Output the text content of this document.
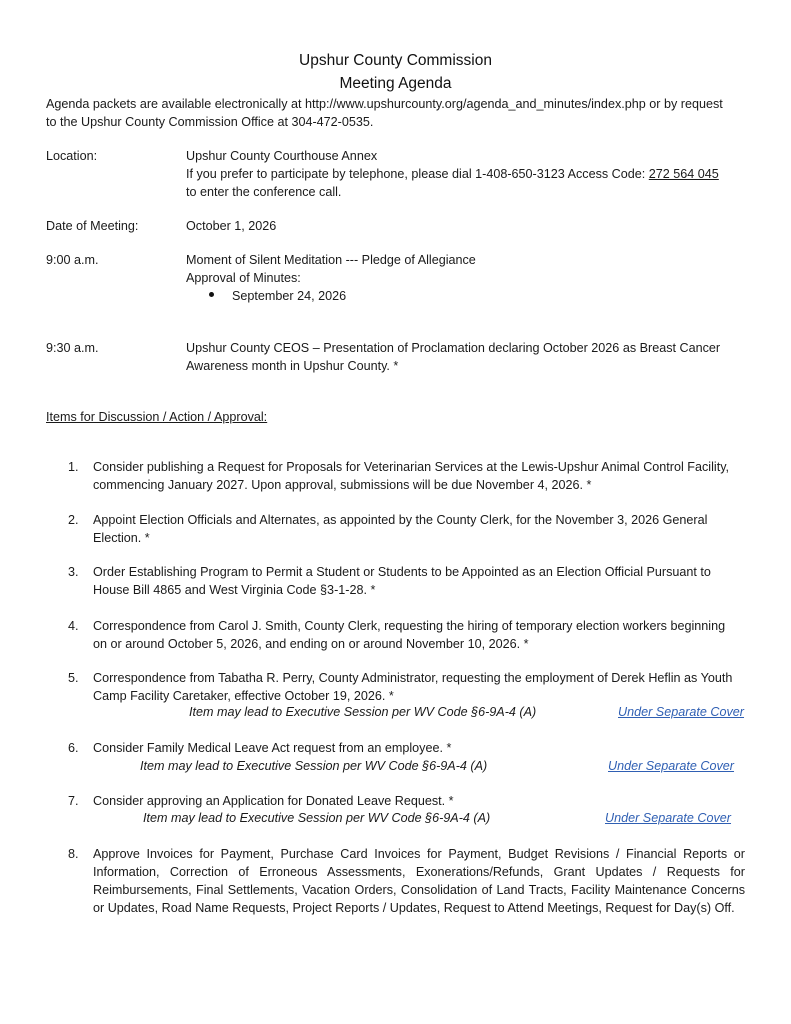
Upshur County Commission
Meeting Agenda
Agenda packets are available electronically at http://www.upshurcounty.org/agenda_and_minutes/index.php or by request
to the Upshur County Commission Office at 304-472-0535.
Location:	Upshur County Courthouse Annex
If you prefer to participate by telephone, please dial 1-408-650-3123 Access Code: 272 564 045
to enter the conference call.
Date of Meeting:	October 1, 2026
9:00 a.m.	Moment of Silent Meditation --- Pledge of Allegiance
Approval of Minutes:
September 24, 2026
9:30 a.m.	Upshur County CEOS – Presentation of Proclamation declaring October 2026 as Breast Cancer
Awareness month in Upshur County. *
Items for Discussion / Action / Approval:
1. Consider publishing a Request for Proposals for Veterinarian Services at the Lewis-Upshur Animal Control Facility,
commencing January 2027. Upon approval, submissions will be due November 4, 2026. *
2. Appoint Election Officials and Alternates, as appointed by the County Clerk, for the November 3, 2026 General
Election. *
3. Order Establishing Program to Permit a Student or Students to be Appointed as an Election Official Pursuant to
House Bill 4865 and West Virginia Code §3-1-28. *
4. Correspondence from Carol J. Smith, County Clerk, requesting the hiring of temporary election workers beginning
on or around October 5, 2026, and ending on or around November 10, 2026. *
5. Correspondence from Tabatha R. Perry, County Administrator, requesting the employment of Derek Heflin as Youth
Camp Facility Caretaker, effective October 19, 2026. *
Item may lead to Executive Session per WV Code §6-9A-4 (A)	Under Separate Cover
6. Consider Family Medical Leave Act request from an employee. *
Item may lead to Executive Session per WV Code §6-9A-4 (A)	Under Separate Cover
7. Consider approving an Application for Donated Leave Request. *
Item may lead to Executive Session per WV Code §6-9A-4 (A)	Under Separate Cover
8. Approve Invoices for Payment, Purchase Card Invoices for Payment, Budget Revisions / Financial Reports or Information, Correction of Erroneous Assessments, Exonerations/Refunds, Grant Updates / Requests for Reimbursements, Final Settlements, Vacation Orders, Consolidation of Land Tracts, Facility Maintenance Concerns or Updates, Road Name Requests, Project Reports / Updates, Request to Attend Meetings, Request for Day(s) Off.
